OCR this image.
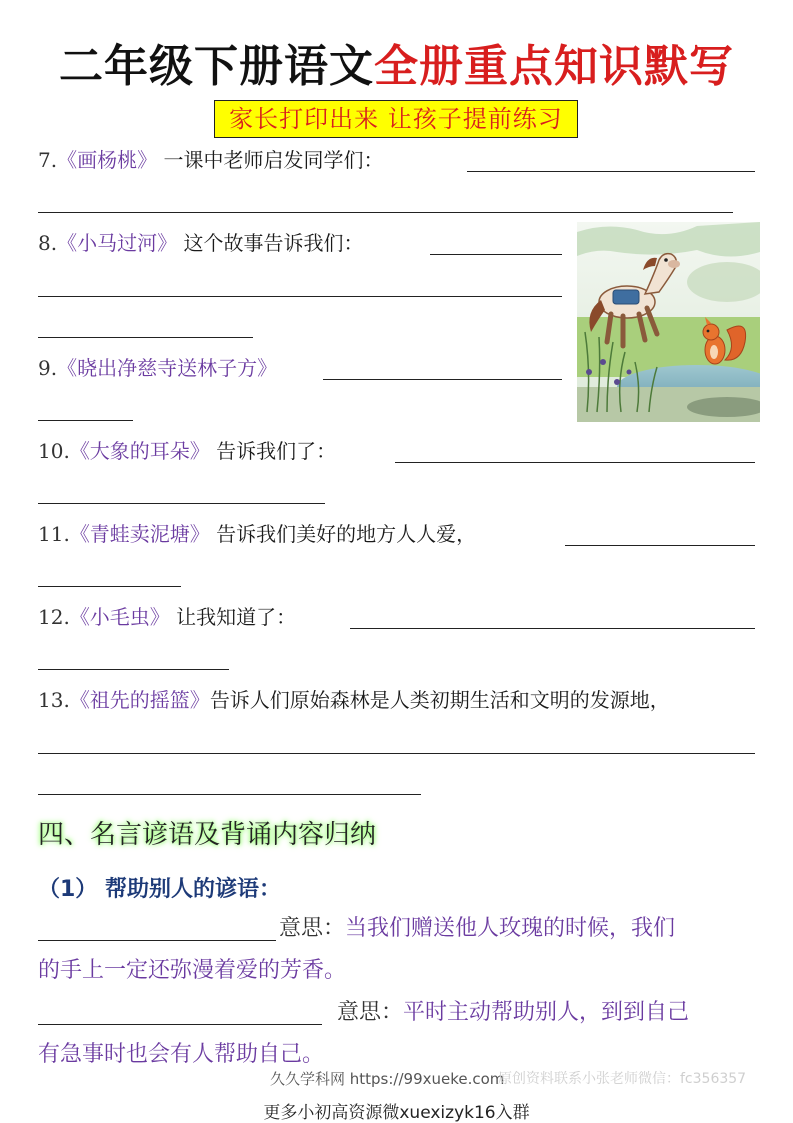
二年级下册语文全册重点知识默写
家长打印出来 让孩子提前练习
7.《画杨桃》 一课中老师启发同学们：
8.《小马过河》 这个故事告诉我们：
9.《晓出净慈寺送林子方》
10.《大象的耳朵》 告诉我们了：
11.《青蛙卖泥塘》 告诉我们美好的地方人人爱，
12.《小毛虫》 让我知道了：
13.《祖先的摇篮》告诉人们原始森林是人类初期生活和文明的发源地，
四、名言谚语及背诵内容归纳
（1） 帮助别人的谚语：
意思：当我们赠送他人玫瑰的时候，我们
的手上一定还弥漫着爱的芳香。
意思：平时主动帮助别人，到到自己
有急事时也会有人帮助自己。
久久学科网 https://99xueke.com
原创资料联系小张老师微信：fc356357
更多小初高资源微xuexizyk16入群
